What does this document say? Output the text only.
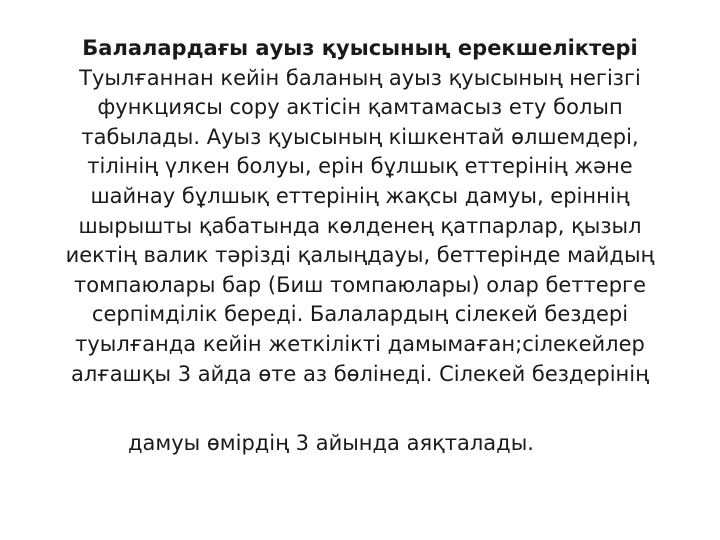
Балалардағы ауыз қуысының ерекшеліктері

Туылғаннан кейін баланың ауыз қуысының негізгі функциясы сору актісін қамтамасыз ету болып табылады. Ауыз қуысының кішкентай өлшемдері, тілінің үлкен болуы, ерін бұлшық еттерінің және шайнау бұлшық еттерінің жақсы дамуы, еріннің шырышты қабатында көлденең қатпарлар, қызыл иектің валик тәрізді қалыңдауы, беттерінде майдың томпаюлары бар (Биш томпаюлары) олар беттерге серпімділік береді. Балалардың сілекей бездері туылғанда кейін жеткілікті дамымаған;сілекейлер алғашқы 3 айда өте аз бөлінеді. Сілекей бездерінің

дамуы өмірдің 3 айында аяқталады.
